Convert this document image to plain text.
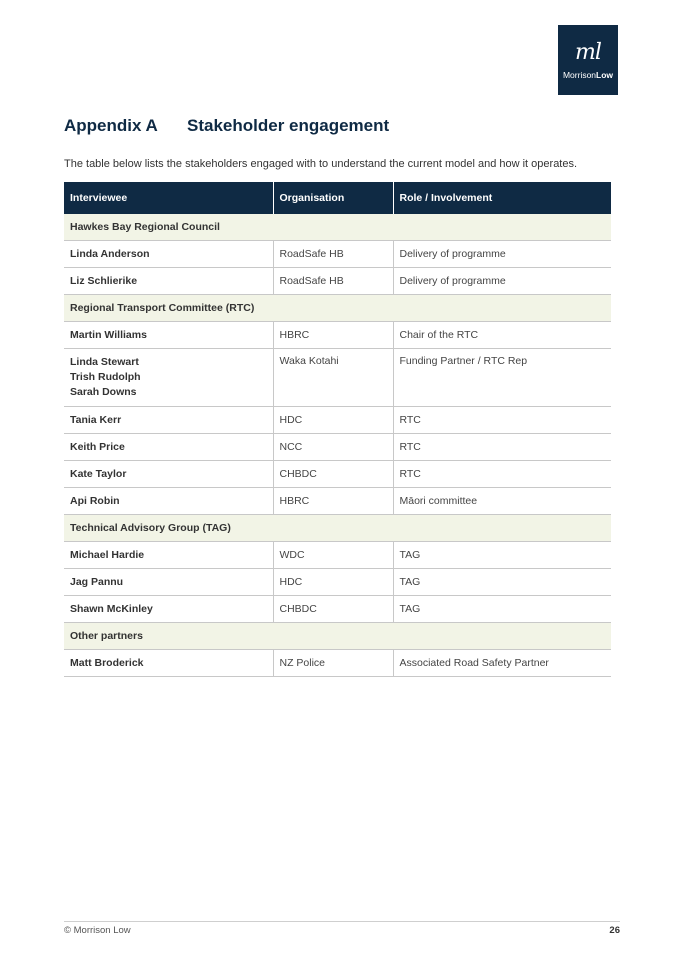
ml
MorrisonLow
Appendix A Stakeholder engagement
The table below lists the stakeholders engaged with to understand the current model and how it operates.
Interviewee	Organisation	Role / Involvement
Hawkes Bay Regional Council		
Linda Anderson	RoadSafe HB	Delivery of programme
Liz Schlierike	RoadSafe HB	Delivery of programme
Regional Transport Committee (RTC)		
Martin Williams	HBRC	Chair of the RTC

Linda Stewart
Trish Rudolph
Sarah Downs	Waka Kotahi	Funding Partner / RTC Rep
Tania Kerr	HDC	RTC
Keith Price	NCC	RTC
Kate Taylor	CHBDC	RTC
Api Robin	HBRC	Māori committee
Technical Advisory Group (TAG)		
Michael Hardie	WDC	TAG
Jag Pannu	HDC	TAG
Shawn McKinley	CHBDC	TAG
Other partners		
Matt Broderick	NZ Police	Associated Road Safety Partner
© Morrison Low	26
